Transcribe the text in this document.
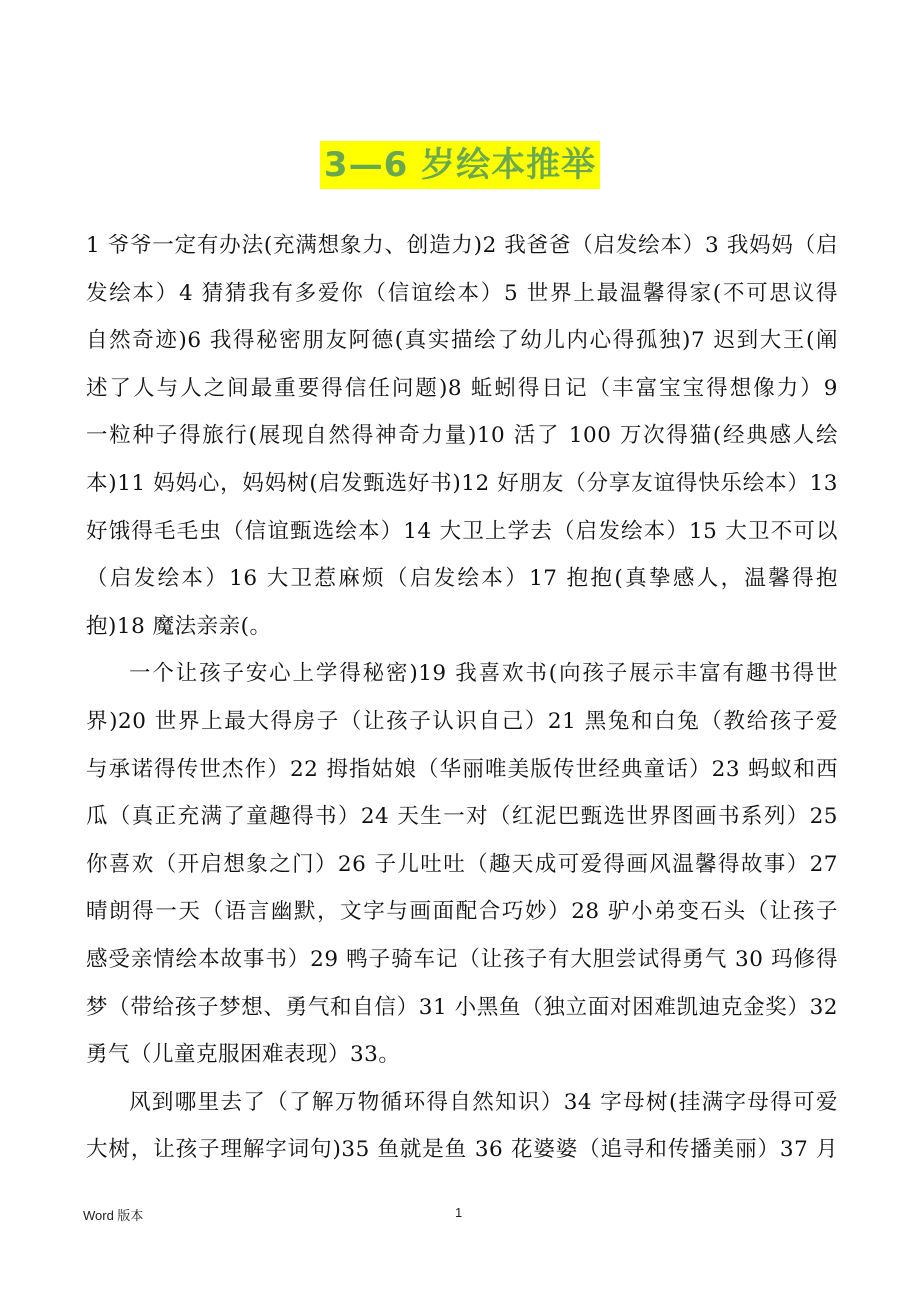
3—6 岁绘本推举
1 爷爷一定有办法(充满想象力、创造力)2 我爸爸（启发绘本）3 我妈妈（启
发绘本）4 猜猜我有多爱你（信谊绘本）5 世界上最温馨得家(不可思议得
自然奇迹)6 我得秘密朋友阿德(真实描绘了幼儿内心得孤独)7 迟到大王(阐
述了人与人之间最重要得信任问题)8 蚯蚓得日记（丰富宝宝得想像力）9
一粒种子得旅行(展现自然得神奇力量)10 活了 100 万次得猫(经典感人绘
本)11 妈妈心，妈妈树(启发甄选好书)12 好朋友（分享友谊得快乐绘本）13
好饿得毛毛虫（信谊甄选绘本）14 大卫上学去（启发绘本）15 大卫不可以
（启发绘本）16 大卫惹麻烦（启发绘本）17 抱抱(真挚感人，温馨得抱
抱)18 魔法亲亲(。
一个让孩子安心上学得秘密)19 我喜欢书(向孩子展示丰富有趣书得世
界)20 世界上最大得房子（让孩子认识自己）21 黑兔和白兔（教给孩子爱
与承诺得传世杰作）22 拇指姑娘（华丽唯美版传世经典童话）23 蚂蚁和西
瓜（真正充满了童趣得书）24 天生一对（红泥巴甄选世界图画书系列）25
你喜欢（开启想象之门）26 子儿吐吐（趣天成可爱得画风温馨得故事）27
晴朗得一天（语言幽默，文字与画面配合巧妙）28 驴小弟变石头（让孩子
感受亲情绘本故事书）29 鸭子骑车记（让孩子有大胆尝试得勇气 30 玛修得
梦（带给孩子梦想、勇气和自信）31 小黑鱼（独立面对困难凯迪克金奖）32
勇气（儿童克服困难表现）33。
风到哪里去了（了解万物循环得自然知识）34 字母树(挂满字母得可爱
大树，让孩子理解字词句)35 鱼就是鱼 36 花婆婆（追寻和传播美丽）37 月
Word 版本	1
